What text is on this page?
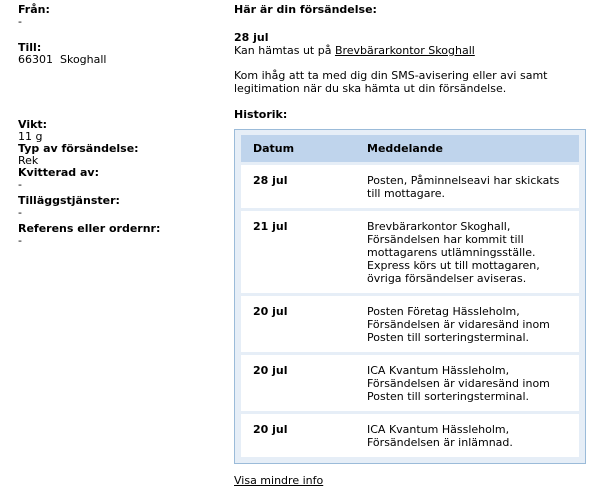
Från:
-
Till:
66301  Skoghall
Vikt:
11 g
Typ av försändelse:
Rek
Kvitterad av:
-
Tilläggstjänster:
-
Referens eller ordernr:
-
Här är din försändelse:
28 jul
Kan hämtas ut på Brevbärarkontor Skoghall
Kom ihåg att ta med dig din SMS-avisering eller avi samt legitimation när du ska hämta ut din försändelse.
Historik:
Datum	Meddelande
28 jul	Posten, Påminnelseavi har skickats till mottagare.
21 jul	Brevbärarkontor Skoghall, Försändelsen har kommit till mottagarens utlämningsställe. Express körs ut till mottagaren, övriga försändelser aviseras.
20 jul	Posten Företag Hässleholm, Försändelsen är vidaresänd inom Posten till sorteringsterminal.
20 jul	ICA Kvantum Hässleholm, Försändelsen är vidaresänd inom Posten till sorteringsterminal.
20 jul	ICA Kvantum Hässleholm, Försändelsen är inlämnad.
Visa mindre info
